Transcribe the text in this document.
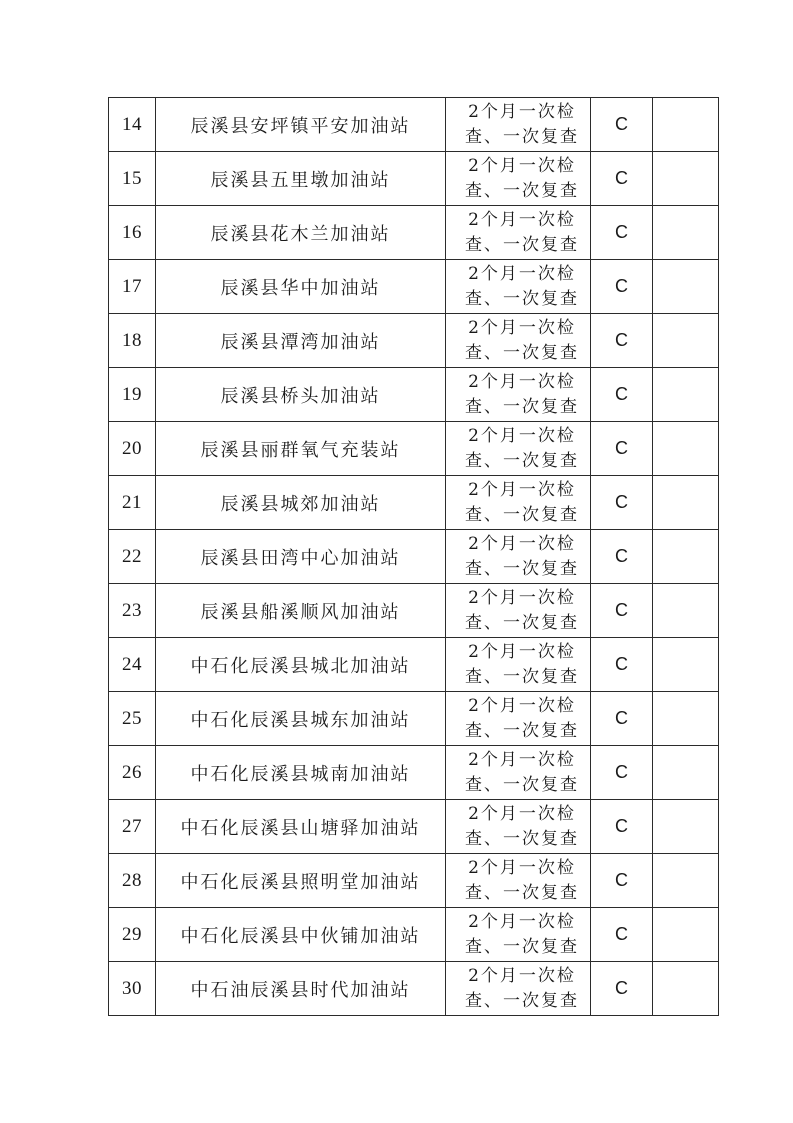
14	辰溪县安坪镇平安加油站	2个月一次检
查、一次复查	C	
15	辰溪县五里墩加油站	2个月一次检
查、一次复查	C	
16	辰溪县花木兰加油站	2个月一次检
查、一次复查	C	
17	辰溪县华中加油站	2个月一次检
查、一次复查	C	
18	辰溪县潭湾加油站	2个月一次检
查、一次复查	C	
19	辰溪县桥头加油站	2个月一次检
查、一次复查	C	
20	辰溪县丽群氧气充装站	2个月一次检
查、一次复查	C	
21	辰溪县城郊加油站	2个月一次检
查、一次复查	C	
22	辰溪县田湾中心加油站	2个月一次检
查、一次复查	C	
23	辰溪县船溪顺风加油站	2个月一次检
查、一次复查	C	
24	中石化辰溪县城北加油站	2个月一次检
查、一次复查	C	
25	中石化辰溪县城东加油站	2个月一次检
查、一次复查	C	
26	中石化辰溪县城南加油站	2个月一次检
查、一次复查	C	
27	中石化辰溪县山塘驿加油站	2个月一次检
查、一次复查	C	
28	中石化辰溪县照明堂加油站	2个月一次检
查、一次复查	C	
29	中石化辰溪县中伙铺加油站	2个月一次检
查、一次复查	C	
30	中石油辰溪县时代加油站	2个月一次检
查、一次复查	C	
